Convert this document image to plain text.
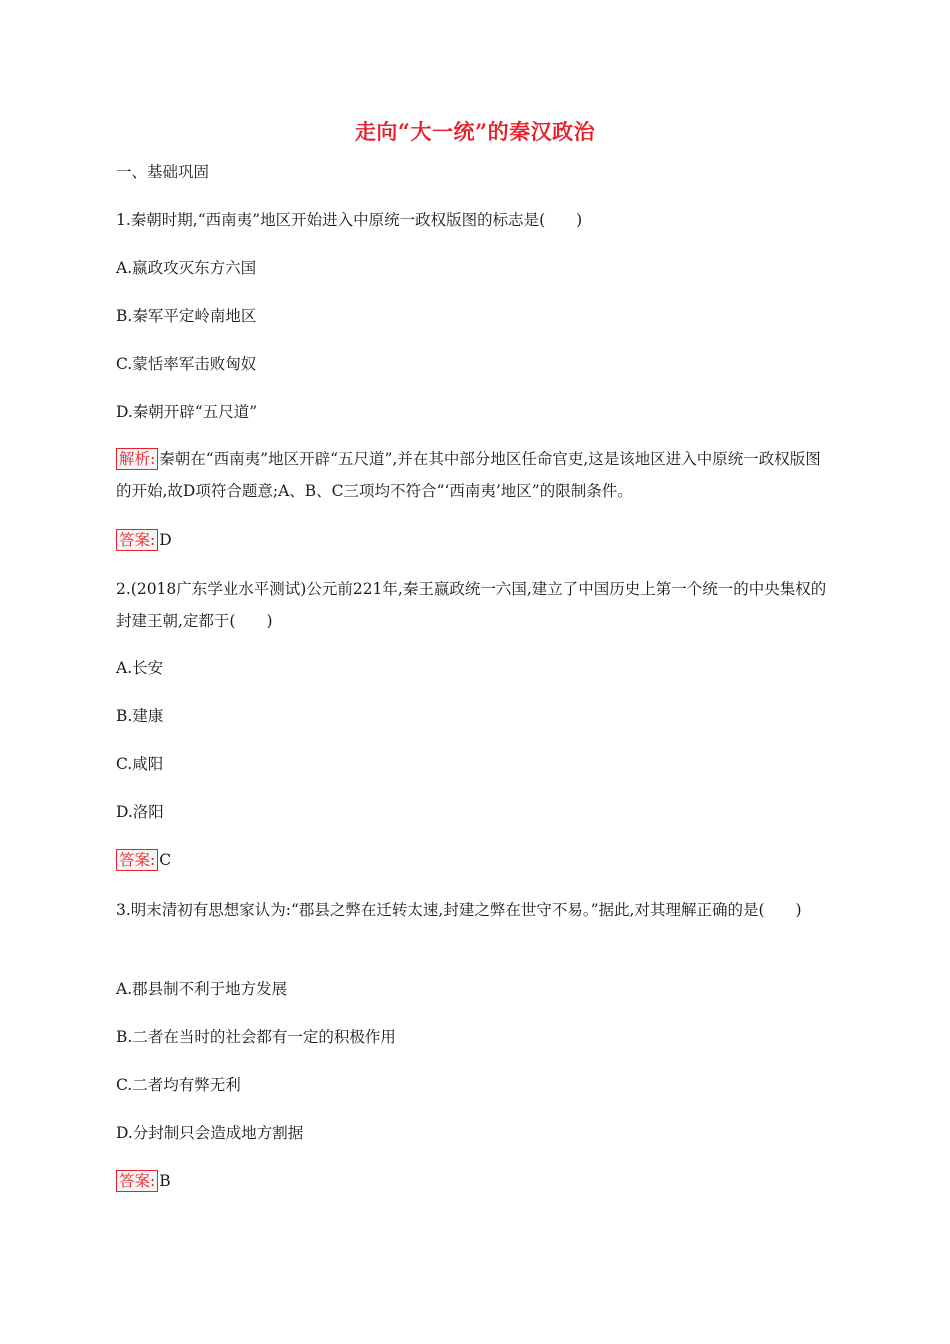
走向“大一统”的秦汉政治
一、基础巩固
1.秦朝时期,“西南夷”地区开始进入中原统一政权版图的标志是(　　)
A.嬴政攻灭东方六国
B.秦军平定岭南地区
C.蒙恬率军击败匈奴
D.秦朝开辟“五尺道”
解析: 秦朝在“西南夷”地区开辟“五尺道”,并在其中部分地区任命官吏,这是该地区进入中原统一政权版图的开始,故D项符合题意;A、B、C三项均不符合“‘西南夷’地区”的限制条件。
答案: D
2.(2018广东学业水平测试)公元前221年,秦王嬴政统一六国,建立了中国历史上第一个统一的中央集权的封建王朝,定都于(　　)
A.长安
B.建康
C.咸阳
D.洛阳
答案: C
3.明末清初有思想家认为:“郡县之弊在迁转太速,封建之弊在世守不易。”据此,对其理解正确的是(　　)
A.郡县制不利于地方发展
B.二者在当时的社会都有一定的积极作用
C.二者均有弊无利
D.分封制只会造成地方割据
答案: B
